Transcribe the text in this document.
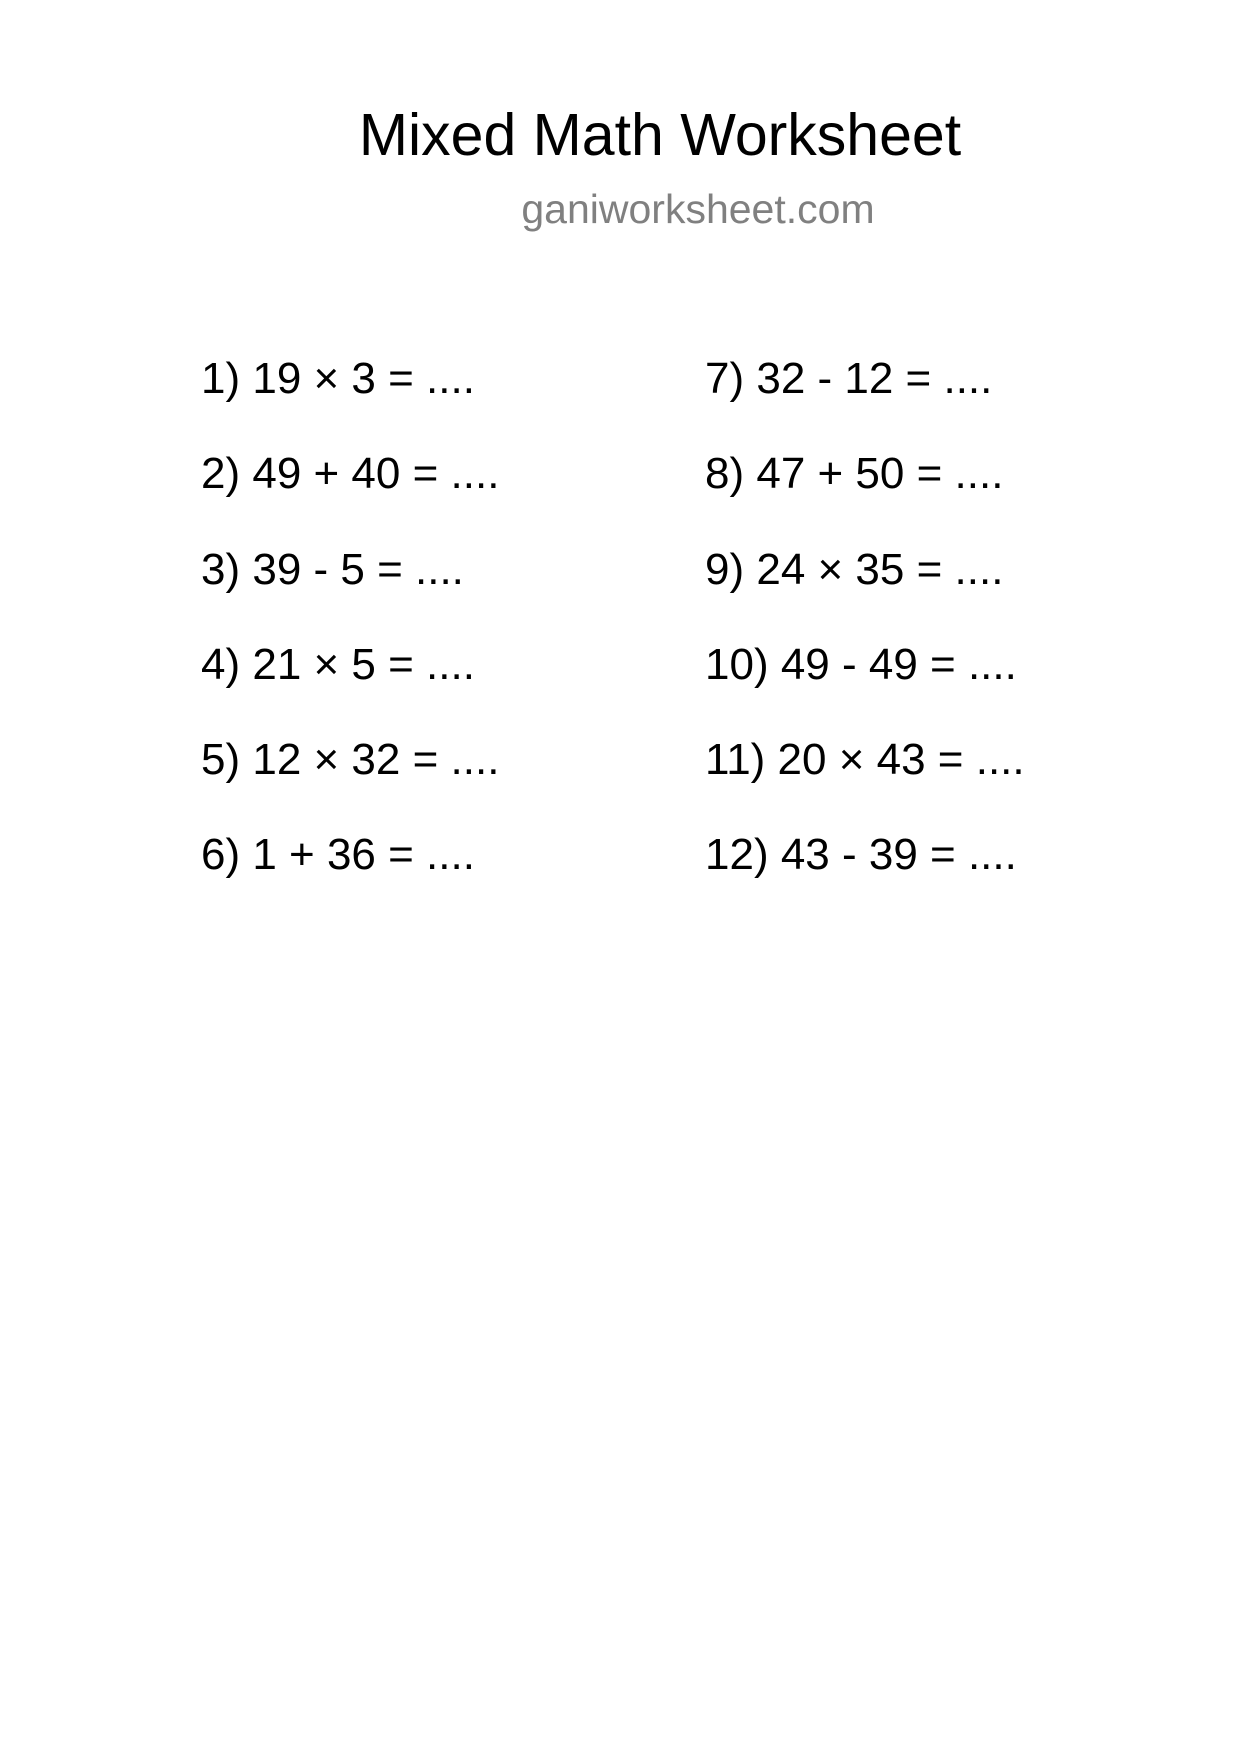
Mixed Math Worksheet
ganiworksheet.com
1) 19 × 3 = ....
2) 49 + 40 = ....
3) 39 - 5 = ....
4) 21 × 5 = ....
5) 12 × 32 = ....
6) 1 + 36 = ....
7) 32 - 12 = ....
8) 47 + 50 = ....
9) 24 × 35 = ....
10) 49 - 49 = ....
11) 20 × 43 = ....
12) 43 - 39 = ....
